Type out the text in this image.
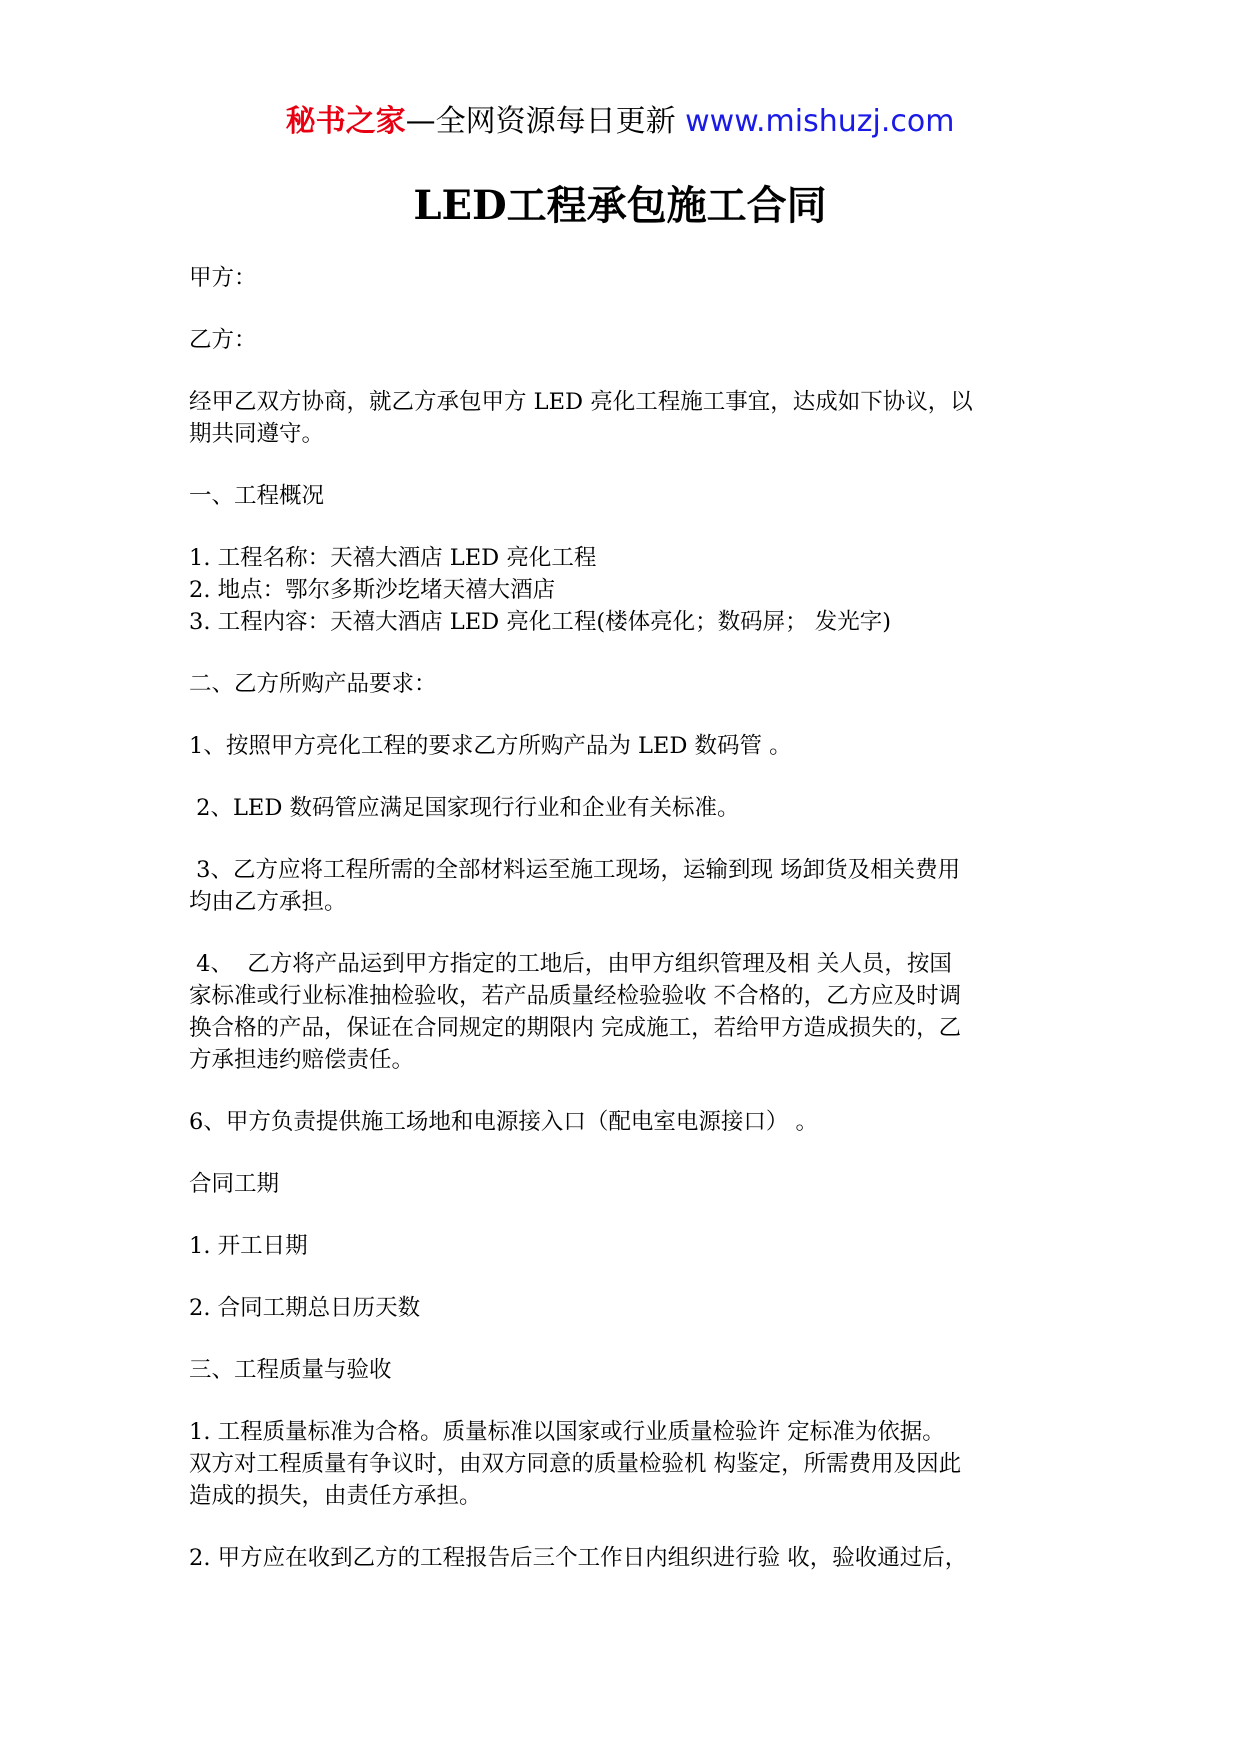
秘书之家—全网资源每日更新 www.mishuzj.com
LED工程承包施工合同

甲方：

乙方：

经甲乙双方协商，就乙方承包甲方 LED 亮化工程施工事宜，达成如下协议，以

期共同遵守。

一、工程概况

1. 工程名称：天禧大酒店 LED 亮化工程

2. 地点：鄂尔多斯沙圪堵天禧大酒店

3. 工程内容：天禧大酒店 LED 亮化工程(楼体亮化；数码屏； 发光字)

二、乙方所购产品要求：

1、按照甲方亮化工程的要求乙方所购产品为 LED 数码管 。

2、LED 数码管应满足国家现行行业和企业有关标准。

3、乙方应将工程所需的全部材料运至施工现场，运输到现 场卸货及相关费用

均由乙方承担。

4、  乙方将产品运到甲方指定的工地后，由甲方组织管理及相 关人员，按国

家标准或行业标准抽检验收，若产品质量经检验验收 不合格的，乙方应及时调

换合格的产品，保证在合同规定的期限内 完成施工，若给甲方造成损失的，乙

方承担违约赔偿责任。

6、甲方负责提供施工场地和电源接入口（配电室电源接口） 。

合同工期

1. 开工日期

2. 合同工期总日历天数

三、工程质量与验收

1. 工程质量标准为合格。质量标准以国家或行业质量检验许 定标准为依据。

双方对工程质量有争议时，由双方同意的质量检验机 构鉴定，所需费用及因此

造成的损失，由责任方承担。

2. 甲方应在收到乙方的工程报告后三个工作日内组织进行验 收，验收通过后，
